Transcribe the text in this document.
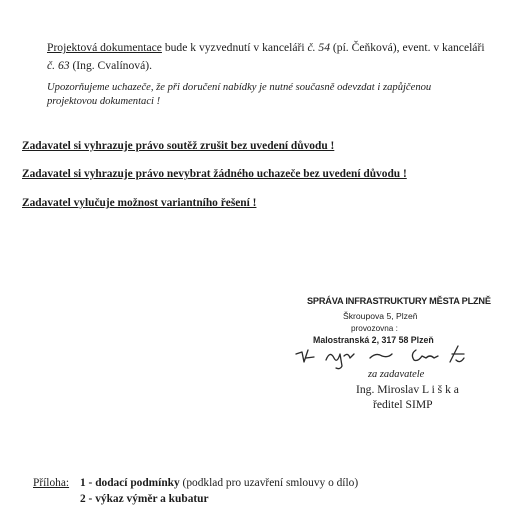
Projektová dokumentace bude k vyzvednutí v kanceláři č. 54 (pí. Čeňková), event. v kanceláři
č. 63 (Ing. Cvalínová).
Upozorňujeme uchazeče, že při doručení nabídky je nutné současně odevzdat i zapůjčenou
projektovou dokumentaci !
Zadavatel si vyhrazuje právo soutěž zrušit bez uvedení důvodu !
Zadavatel si vyhrazuje právo nevybrat žádného uchazeče bez uvedení důvodu !
Zadavatel vylučuje možnost variantního řešení !
SPRÁVA INFRASTRUKTURY MĚSTA PLZNĚ
Škroupova 5, Plzeň
provozovna :
Malostranská 2, 317 58 Plzeň
za zadavatele
Ing. Miroslav L i š k a
ředitel SIMP
Příloha: 1 - dodací podmínky (podklad pro uzavření smlouvy o dílo)
2 - výkaz výměr a kubatur
